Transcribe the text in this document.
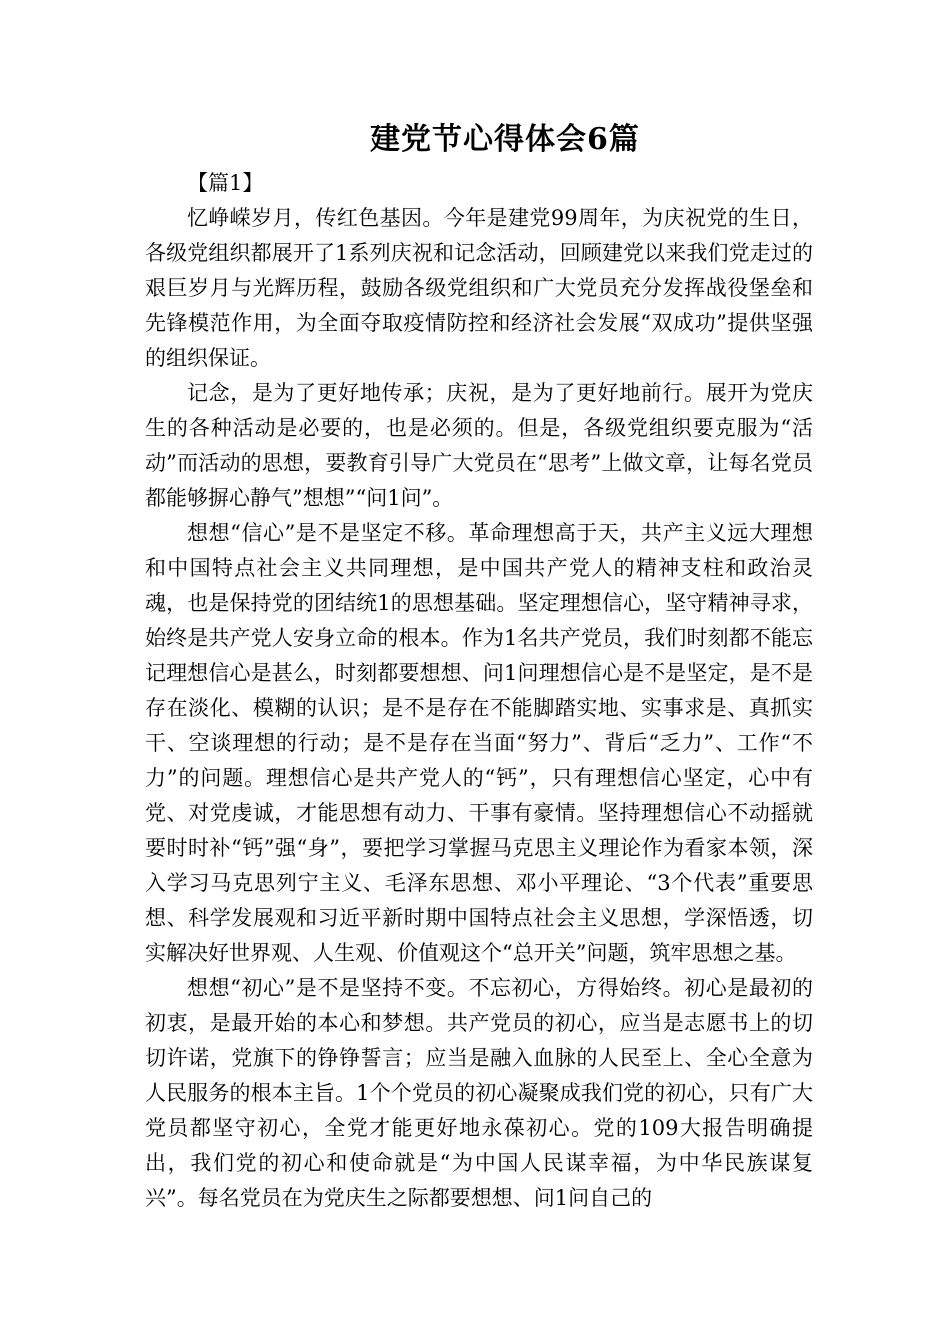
建党节心得体会6篇

【篇1】

忆峥嵘岁月，传红色基因。今年是建党99周年，为庆祝党的生日，各级党组织都展开了1系列庆祝和记念活动，回顾建党以来我们党走过的艰巨岁月与光辉历程，鼓励各级党组织和广大党员充分发挥战役堡垒和先锋模范作用，为全面夺取疫情防控和经济社会发展“双成功”提供坚强的组织保证。

记念，是为了更好地传承；庆祝，是为了更好地前行。展开为党庆生的各种活动是必要的，也是必须的。但是，各级党组织要克服为“活动”而活动的思想，要教育引导广大党员在“思考”上做文章，让每名党员都能够摒心静气”想想”“问1问”。

想想“信心”是不是坚定不移。革命理想高于天，共产主义远大理想和中国特点社会主义共同理想，是中国共产党人的精神支柱和政治灵魂，也是保持党的团结统1的思想基础。坚定理想信心，坚守精神寻求，始终是共产党人安身立命的根本。作为1名共产党员，我们时刻都不能忘记理想信心是甚么，时刻都要想想、问1问理想信心是不是坚定，是不是存在淡化、模糊的认识；是不是存在不能脚踏实地、实事求是、真抓实干、空谈理想的行动；是不是存在当面“努力”、背后“乏力”、工作“不力”的问题。理想信心是共产党人的“钙”，只有理想信心坚定，心中有党、对党虔诚，才能思想有动力、干事有豪情。坚持理想信心不动摇就要时时补“钙”强“身”，要把学习掌握马克思主义理论作为看家本领，深入学习马克思列宁主义、毛泽东思想、邓小平理论、“3个代表”重要思想、科学发展观和习近平新时期中国特点社会主义思想，学深悟透，切实解决好世界观、人生观、价值观这个“总开关”问题，筑牢思想之基。

想想“初心”是不是坚持不变。不忘初心，方得始终。初心是最初的初衷，是最开始的本心和梦想。共产党员的初心，应当是志愿书上的切切许诺，党旗下的铮铮誓言；应当是融入血脉的人民至上、全心全意为人民服务的根本主旨。1个个党员的初心凝聚成我们党的初心，只有广大党员都坚守初心，全党才能更好地永葆初心。党的109大报告明确提出，我们党的初心和使命就是“为中国人民谋幸福，为中华民族谋复兴”。每名党员在为党庆生之际都要想想、问1问自己的
